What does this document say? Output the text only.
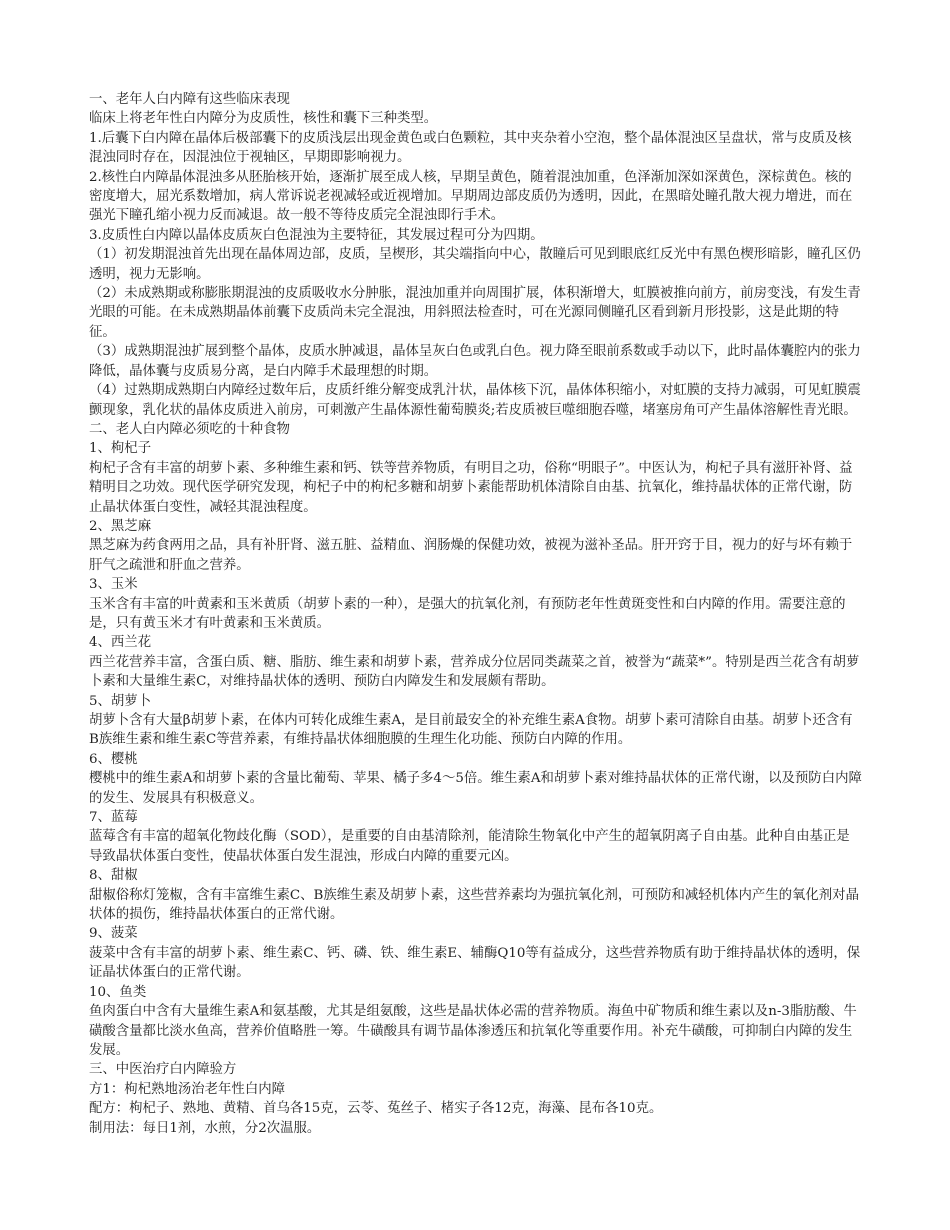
一、老年人白内障有这些临床表现

临床上将老年性白内障分为皮质性，核性和囊下三种类型。

1.后囊下白内障在晶体后极部囊下的皮质浅层出现金黄色或白色颗粒，其中夹杂着小空泡，整个晶体混浊区呈盘状，常与皮质及核混浊同时存在，因混浊位于视轴区，早期即影响视力。

2.核性白内障晶体混浊多从胚胎核开始，逐渐扩展至成人核，早期呈黄色，随着混浊加重，色泽渐加深如深黄色，深棕黄色。核的密度增大，屈光系数增加，病人常诉说老视减轻或近视增加。早期周边部皮质仍为透明，因此，在黑暗处瞳孔散大视力增进，而在强光下瞳孔缩小视力反而减退。故一般不等待皮质完全混浊即行手术。

3.皮质性白内障以晶体皮质灰白色混浊为主要特征，其发展过程可分为四期。

（1）初发期混浊首先出现在晶体周边部，皮质，呈楔形，其尖端指向中心，散瞳后可见到眼底红反光中有黑色楔形暗影，瞳孔区仍透明，视力无影响。

（2）未成熟期或称膨胀期混浊的皮质吸收水分肿胀，混浊加重并向周围扩展，体积渐增大，虹膜被推向前方，前房变浅，有发生青光眼的可能。在未成熟期晶体前囊下皮质尚未完全混浊，用斜照法检查时，可在光源同侧瞳孔区看到新月形投影，这是此期的特征。

（3）成熟期混浊扩展到整个晶体，皮质水肿减退，晶体呈灰白色或乳白色。视力降至眼前系数或手动以下，此时晶体囊腔内的张力降低，晶体囊与皮质易分离，是白内障手术最理想的时期。

（4）过熟期成熟期白内障经过数年后，皮质纤维分解变成乳汁状，晶体核下沉，晶体体积缩小，对虹膜的支持力减弱，可见虹膜震颤现象，乳化状的晶体皮质进入前房，可刺激产生晶体源性葡萄膜炎;若皮质被巨噬细胞吞噬，堵塞房角可产生晶体溶解性青光眼。

二、老人白内障必须吃的十种食物

1、枸杞子

枸杞子含有丰富的胡萝卜素、多种维生素和钙、铁等营养物质，有明目之功，俗称“明眼子”。中医认为，枸杞子具有滋肝补肾、益精明目之功效。现代医学研究发现，枸杞子中的枸杞多糖和胡萝卜素能帮助机体清除自由基、抗氧化，维持晶状体的正常代谢，防止晶状体蛋白变性，减轻其混浊程度。

2、黑芝麻

黑芝麻为药食两用之品，具有补肝肾、滋五脏、益精血、润肠燥的保健功效，被视为滋补圣品。肝开窍于目，视力的好与坏有赖于肝气之疏泄和肝血之营养。

3、玉米

玉米含有丰富的叶黄素和玉米黄质（胡萝卜素的一种），是强大的抗氧化剂，有预防老年性黄斑变性和白内障的作用。需要注意的是，只有黄玉米才有叶黄素和玉米黄质。

4、西兰花

西兰花营养丰富，含蛋白质、糖、脂肪、维生素和胡萝卜素，营养成分位居同类蔬菜之首，被誉为“蔬菜*”。特别是西兰花含有胡萝卜素和大量维生素C，对维持晶状体的透明、预防白内障发生和发展颇有帮助。

5、胡萝卜

胡萝卜含有大量β胡萝卜素，在体内可转化成维生素A，是目前最安全的补充维生素A食物。胡萝卜素可清除自由基。胡萝卜还含有B族维生素和维生素C等营养素，有维持晶状体细胞膜的生理生化功能、预防白内障的作用。

6、樱桃

樱桃中的维生素A和胡萝卜素的含量比葡萄、苹果、橘子多4～5倍。维生素A和胡萝卜素对维持晶状体的正常代谢，以及预防白内障的发生、发展具有积极意义。

7、蓝莓

蓝莓含有丰富的超氧化物歧化酶（SOD），是重要的自由基清除剂，能清除生物氧化中产生的超氧阴离子自由基。此种自由基正是导致晶状体蛋白变性，使晶状体蛋白发生混浊，形成白内障的重要元凶。

8、甜椒

甜椒俗称灯笼椒，含有丰富维生素C、B族维生素及胡萝卜素，这些营养素均为强抗氧化剂，可预防和减轻机体内产生的氧化剂对晶状体的损伤，维持晶状体蛋白的正常代谢。

9、菠菜

菠菜中含有丰富的胡萝卜素、维生素C、钙、磷、铁、维生素E、辅酶Q10等有益成分，这些营养物质有助于维持晶状体的透明，保证晶状体蛋白的正常代谢。

10、鱼类

鱼肉蛋白中含有大量维生素A和氨基酸，尤其是组氨酸，这些是晶状体必需的营养物质。海鱼中矿物质和维生素以及n-3脂肪酸、牛磺酸含量都比淡水鱼高，营养价值略胜一筹。牛磺酸具有调节晶体渗透压和抗氧化等重要作用。补充牛磺酸，可抑制白内障的发生发展。

三、中医治疗白内障验方

方1：枸杞熟地汤治老年性白内障

配方：枸杞子、熟地、黄精、首乌各15克，云苓、菟丝子、楮实子各12克，海藻、昆布各10克。

制用法：每日1剂，水煎，分2次温服。
